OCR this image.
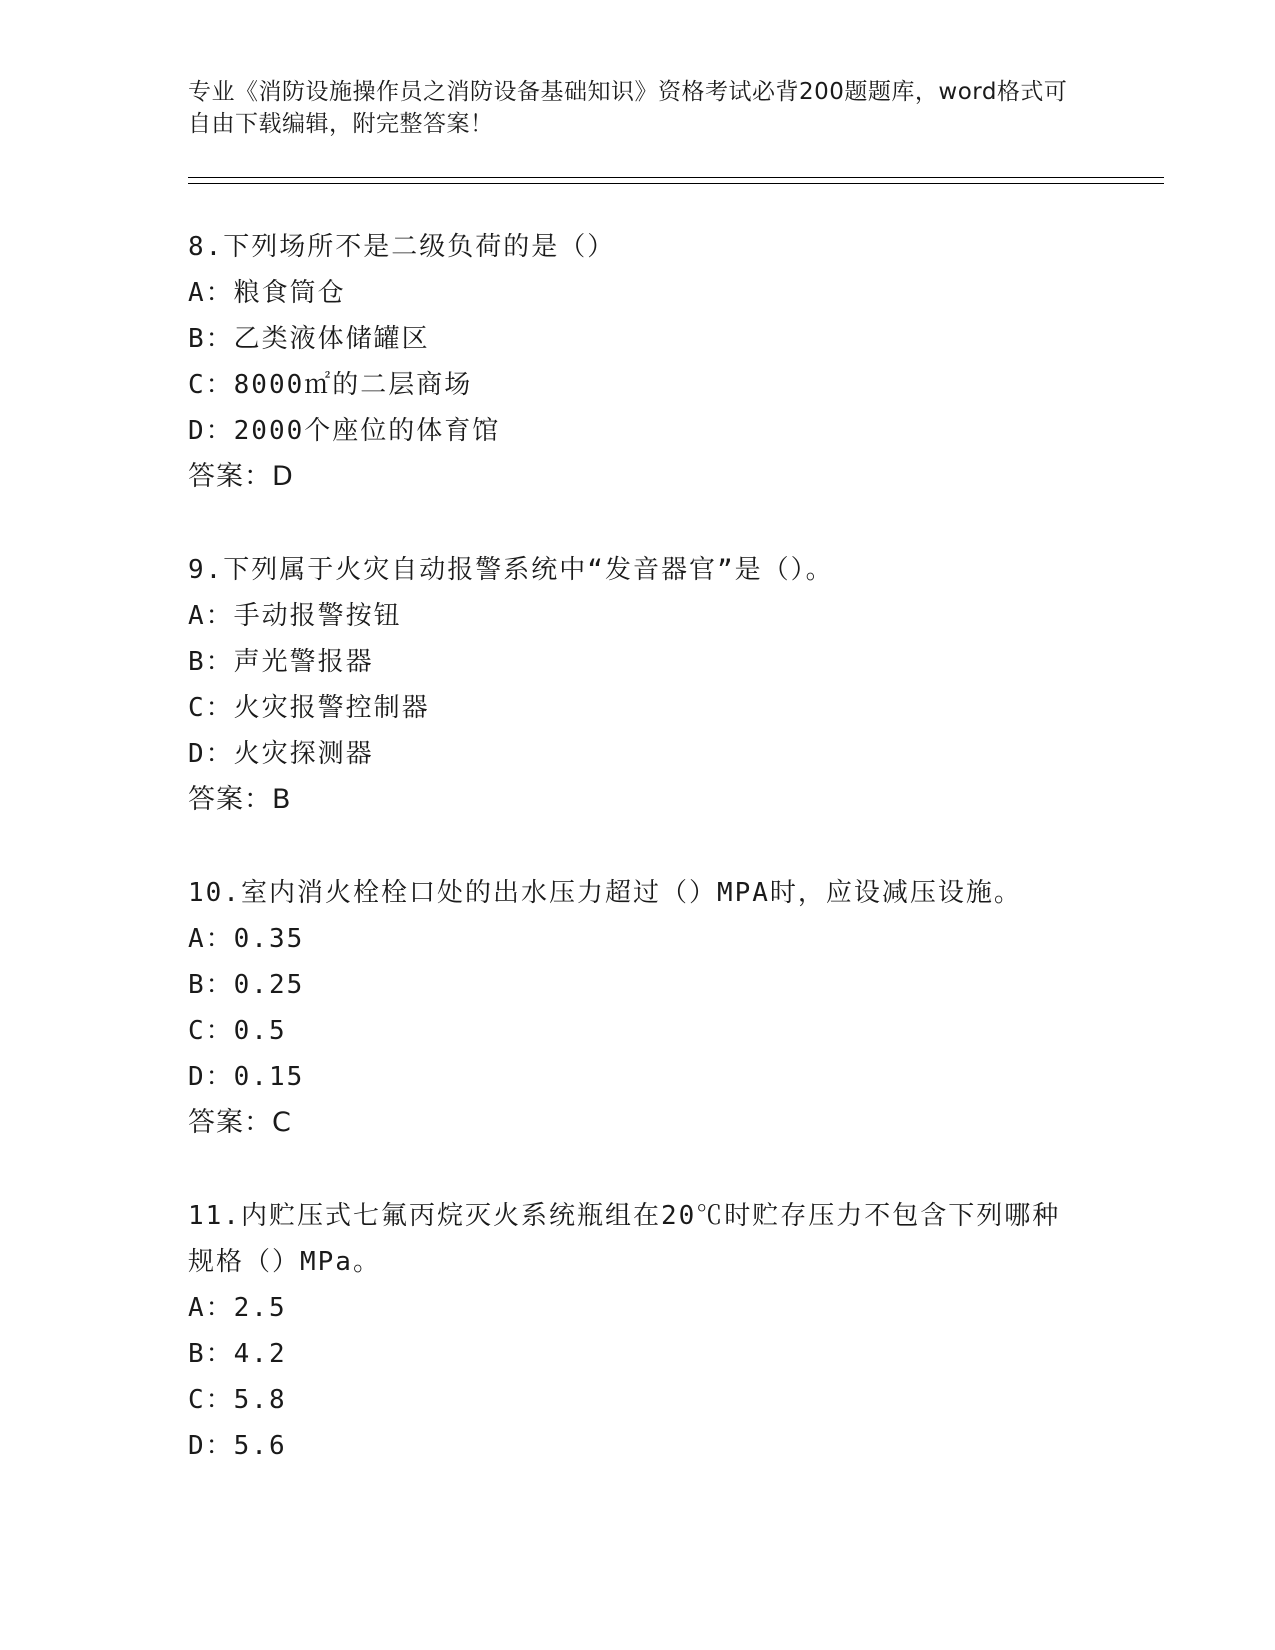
专业《消防设施操作员之消防设备基础知识》资格考试必背200题题库，word格式可自由下载编辑，附完整答案！
8.下列场所不是二级负荷的是（）
A：粮食筒仓
B：乙类液体储罐区
C：8000㎡的二层商场
D：2000个座位的体育馆
答案：D
9.下列属于火灾自动报警系统中“发音器官”是（）。
A：手动报警按钮
B：声光警报器
C：火灾报警控制器
D：火灾探测器
答案：B
10.室内消火栓栓口处的出水压力超过（）MPA时，应设减压设施。
A：0.35
B：0.25
C：0.5
D：0.15
答案：C
11.内贮压式七氟丙烷灭火系统瓶组在20℃时贮存压力不包含下列哪种规格（）MPa。
A：2.5
B：4.2
C：5.8
D：5.6
